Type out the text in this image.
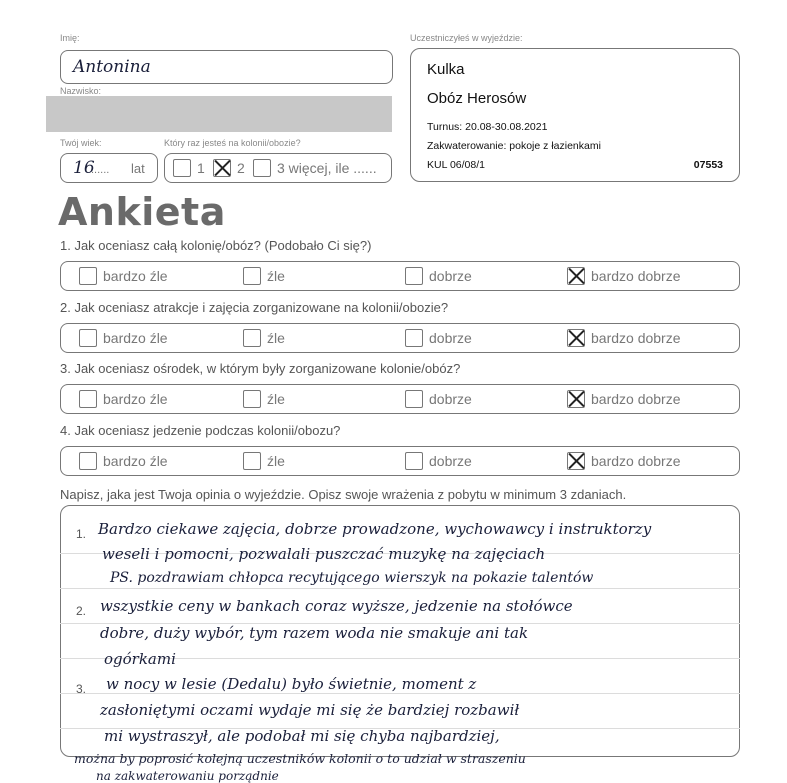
Imię:
Antonina
Nazwisko:
Twój wiek:
16
...... lat
Który raz jesteś na kolonii/obozie?
1 2 3 więcej, ile ......
Uczestniczyłeś w wyjeździe:
Kulka
Obóz Herosów
Turnus: 20.08-30.08.2021
Zakwaterowanie: pokoje z łazienkami
KUL 06/08/1	07553
Ankieta
1. Jak oceniasz całą kolonię/obóz? (Podobało Ci się?)
bardzo źle	źle	dobrze	bardzo dobrze
2. Jak oceniasz atrakcje i zajęcia zorganizowane na kolonii/obozie?
bardzo źle	źle	dobrze	bardzo dobrze
3. Jak oceniasz ośrodek, w którym były zorganizowane kolonie/obóz?
bardzo źle	źle	dobrze	bardzo dobrze
4. Jak oceniasz jedzenie podczas kolonii/obozu?
bardzo źle	źle	dobrze	bardzo dobrze
Napisz, jaka jest Twoja opinia o wyjeździe. Opisz swoje wrażenia z pobytu w minimum 3 zdaniach.
1.
2.
3.
Bardzo ciekawe zajęcia, dobrze prowadzone, wychowawcy i instruktorzy
weseli i pomocni, pozwalali puszczać muzykę na zajęciach
PS. pozdrawiam chłopca recytującego wierszyk na pokazie talentów
wszystkie ceny w bankach coraz wyższe, jedzenie na stołówce
dobre, duży wybór, tym razem woda nie smakuje ani tak
ogórkami
w nocy w lesie (Dedalu) było świetnie, moment z
zasłoniętymi oczami wydaje mi się że bardziej rozbawił
mi wystraszył, ale podobał mi się chyba najbardziej,
można by poprosić kolejną uczestników kolonii o to udział w straszeniu
na zakwaterowaniu porządnie
